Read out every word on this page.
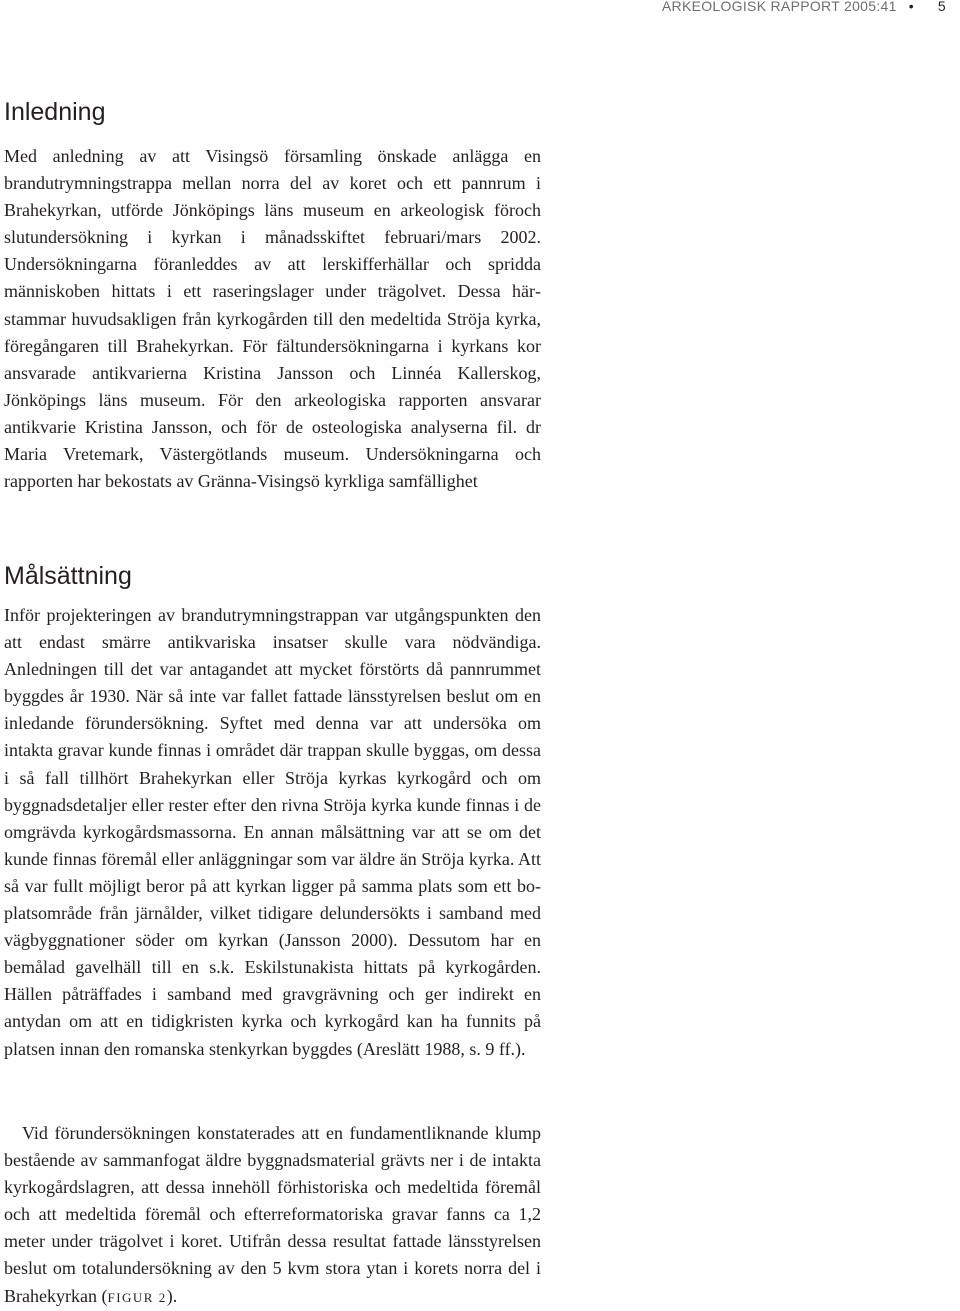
ARKEOLOGISK RAPPORT 2005:41 • 5
Inledning

Med anledning av att Visingsö församling önskade anlägga en brandutrymningstrappa mellan norra del av koret och ett pannrum i Brahekyrkan, utförde Jönköpings läns museum en arkeologisk föroch slutundersökning i kyrkan i månadsskiftet februari/mars 2002. Undersökningarna föranleddes av att lerskifferhällar och spridda människoben hittats i ett raseringslager under trägolvet. Dessa härstammar huvudsakligen från kyrkogården till den medeltida Ströja kyrka, föregångaren till Brahekyrkan. För fältundersökningarna i kyrkans kor ansvarade antikvarierna Kristina Jansson och Linnéa Kallerskog, Jönköpings läns museum. För den arkeologiska rapporten ansvarar antikvarie Kristina Jansson, och för de osteologiska analyserna fil. dr Maria Vretemark, Västergötlands museum. Undersökningarna och rapporten har bekostats av Gränna-Visingsö kyrkliga samfällighet

Målsättning

Inför projekteringen av brandutrymningstrappan var utgångspunkten den att endast smärre antikvariska insatser skulle vara nödvändiga. Anledningen till det var antagandet att mycket förstörts då pannrummet byggdes år 1930. När så inte var fallet fattade länsstyrelsen beslut om en inledande förundersökning. Syftet med denna var att undersöka om intakta gravar kunde finnas i området där trappan skulle byggas, om dessa i så fall tillhört Brahekyrkan eller Ströja kyrkas kyrkogård och om byggnadsdetaljer eller rester efter den rivna Ströja kyrka kunde finnas i de omgrävda kyrkogårdsmassorna. En annan målsättning var att se om det kunde finnas föremål eller anläggningar som var äldre än Ströja kyrka. Att så var fullt möjligt beror på att kyrkan ligger på samma plats som ett boplatsområde från järnålder, vilket tidigare delundersökts i samband med vägbyggnationer söder om kyrkan (Jansson 2000). Dessutom har en bemålad gavelhäll till en s.k. Eskilstunakista hittats på kyrkogården. Hällen påträffades i samband med gravgrävning och ger indirekt en antydan om att en tidigkristen kyrka och kyrkogård kan ha funnits på platsen innan den romanska stenkyrkan byggdes (Areslätt 1988, s. 9 ff.).

Vid förundersökningen konstaterades att en fundamentliknande klump bestående av sammanfogat äldre byggnadsmaterial grävts ner i de intakta kyrkogårdslagren, att dessa innehöll förhistoriska och medeltida föremål och att medeltida föremål och efterreformatoriska gravar fanns ca 1,2 meter under trägolvet i koret. Utifrån dessa resultat fattade länsstyrelsen beslut om totalundersökning av den 5 kvm stora ytan i korets norra del i Brahekyrkan (FIGUR 2).
